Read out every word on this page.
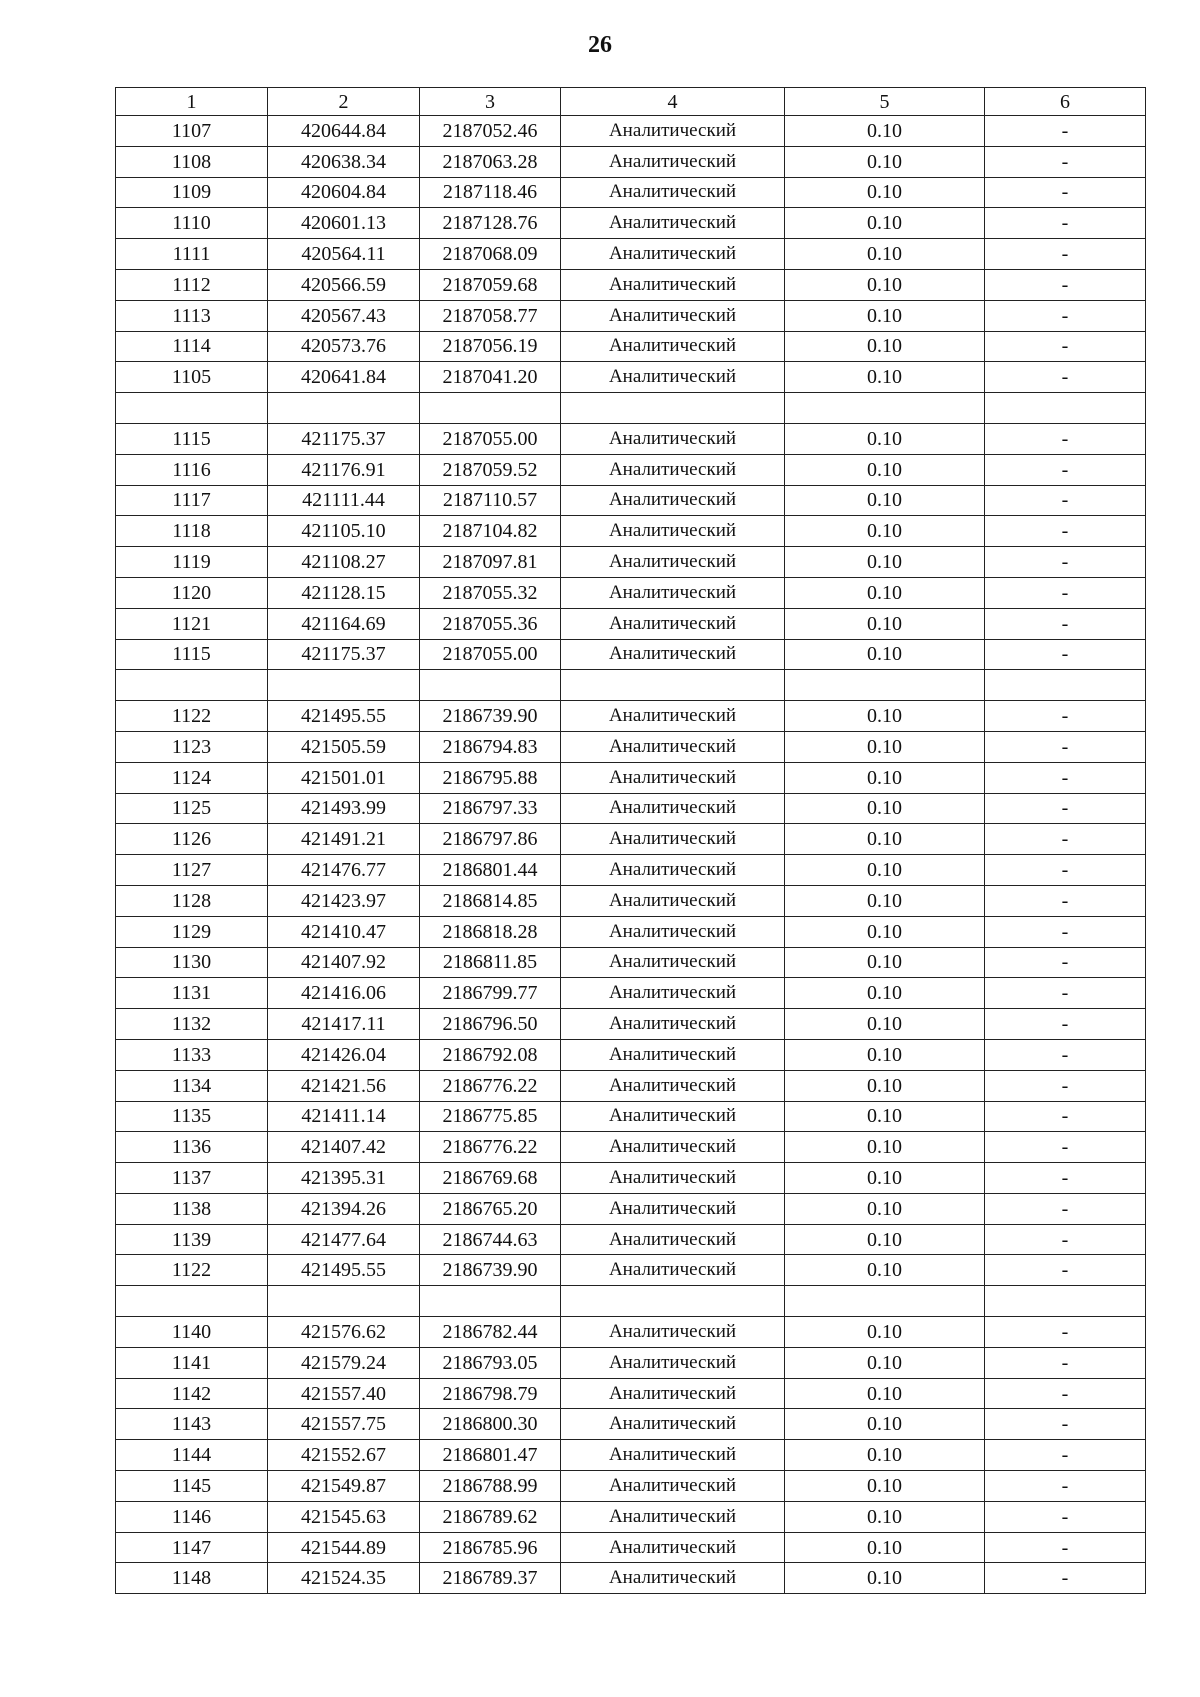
26
1	2	3	4	5	6
1107	420644.84	2187052.46	Аналитический	0.10	-
1108	420638.34	2187063.28	Аналитический	0.10	-
1109	420604.84	2187118.46	Аналитический	0.10	-
1110	420601.13	2187128.76	Аналитический	0.10	-
1111	420564.11	2187068.09	Аналитический	0.10	-
1112	420566.59	2187059.68	Аналитический	0.10	-
1113	420567.43	2187058.77	Аналитический	0.10	-
1114	420573.76	2187056.19	Аналитический	0.10	-
1105	420641.84	2187041.20	Аналитический	0.10	-

1115	421175.37	2187055.00	Аналитический	0.10	-
1116	421176.91	2187059.52	Аналитический	0.10	-
1117	421111.44	2187110.57	Аналитический	0.10	-
1118	421105.10	2187104.82	Аналитический	0.10	-
1119	421108.27	2187097.81	Аналитический	0.10	-
1120	421128.15	2187055.32	Аналитический	0.10	-
1121	421164.69	2187055.36	Аналитический	0.10	-
1115	421175.37	2187055.00	Аналитический	0.10	-

1122	421495.55	2186739.90	Аналитический	0.10	-
1123	421505.59	2186794.83	Аналитический	0.10	-
1124	421501.01	2186795.88	Аналитический	0.10	-
1125	421493.99	2186797.33	Аналитический	0.10	-
1126	421491.21	2186797.86	Аналитический	0.10	-
1127	421476.77	2186801.44	Аналитический	0.10	-
1128	421423.97	2186814.85	Аналитический	0.10	-
1129	421410.47	2186818.28	Аналитический	0.10	-
1130	421407.92	2186811.85	Аналитический	0.10	-
1131	421416.06	2186799.77	Аналитический	0.10	-
1132	421417.11	2186796.50	Аналитический	0.10	-
1133	421426.04	2186792.08	Аналитический	0.10	-
1134	421421.56	2186776.22	Аналитический	0.10	-
1135	421411.14	2186775.85	Аналитический	0.10	-
1136	421407.42	2186776.22	Аналитический	0.10	-
1137	421395.31	2186769.68	Аналитический	0.10	-
1138	421394.26	2186765.20	Аналитический	0.10	-
1139	421477.64	2186744.63	Аналитический	0.10	-
1122	421495.55	2186739.90	Аналитический	0.10	-

1140	421576.62	2186782.44	Аналитический	0.10	-
1141	421579.24	2186793.05	Аналитический	0.10	-
1142	421557.40	2186798.79	Аналитический	0.10	-
1143	421557.75	2186800.30	Аналитический	0.10	-
1144	421552.67	2186801.47	Аналитический	0.10	-
1145	421549.87	2186788.99	Аналитический	0.10	-
1146	421545.63	2186789.62	Аналитический	0.10	-
1147	421544.89	2186785.96	Аналитический	0.10	-
1148	421524.35	2186789.37	Аналитический	0.10	-
